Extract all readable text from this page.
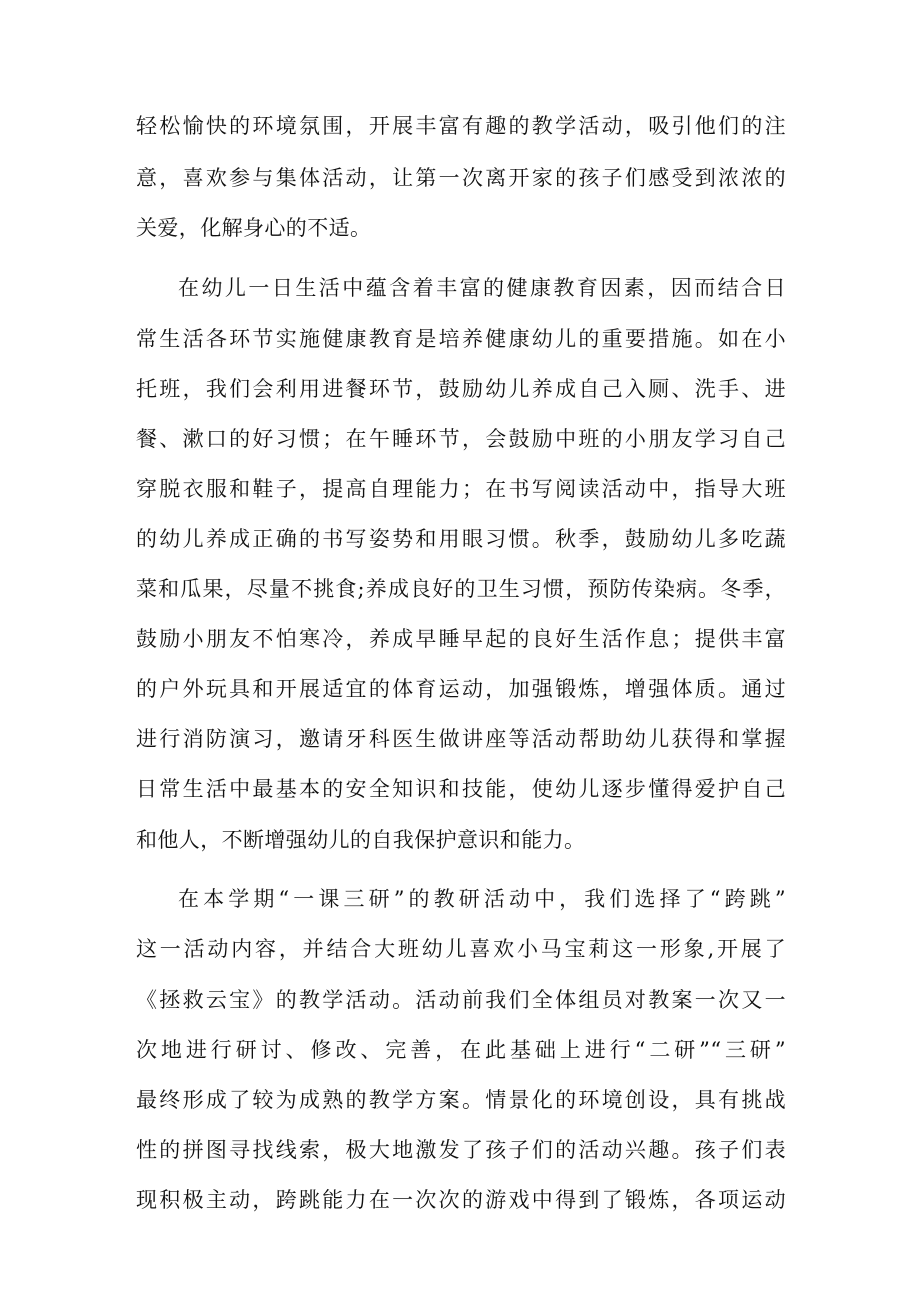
轻松愉快的环境氛围，开展丰富有趣的教学活动，吸引他们的注
意，喜欢参与集体活动，让第一次离开家的孩子们感受到浓浓的
关爱，化解身心的不适。
在幼儿一日生活中蕴含着丰富的健康教育因素，因而结合日
常生活各环节实施健康教育是培养健康幼儿的重要措施。如在小
托班，我们会利用进餐环节，鼓励幼儿养成自己入厕、洗手、进
餐、漱口的好习惯；在午睡环节，会鼓励中班的小朋友学习自己
穿脱衣服和鞋子，提高自理能力；在书写阅读活动中，指导大班
的幼儿养成正确的书写姿势和用眼习惯。秋季，鼓励幼儿多吃蔬
菜和瓜果，尽量不挑食;养成良好的卫生习惯，预防传染病。冬季，
鼓励小朋友不怕寒冷，养成早睡早起的良好生活作息；提供丰富
的户外玩具和开展适宜的体育运动，加强锻炼，增强体质。通过
进行消防演习，邀请牙科医生做讲座等活动帮助幼儿获得和掌握
日常生活中最基本的安全知识和技能，使幼儿逐步懂得爱护自己
和他人，不断增强幼儿的自我保护意识和能力。
在本学期“一课三研”的教研活动中，我们选择了“跨跳”
这一活动内容，并结合大班幼儿喜欢小马宝莉这一形象,开展了
《拯救云宝》的教学活动。活动前我们全体组员对教案一次又一
次地进行研讨、修改、完善，在此基础上进行“二研”“三研”
最终形成了较为成熟的教学方案。情景化的环境创设，具有挑战
性的拼图寻找线索，极大地激发了孩子们的活动兴趣。孩子们表
现积极主动，跨跳能力在一次次的游戏中得到了锻炼，各项运动
